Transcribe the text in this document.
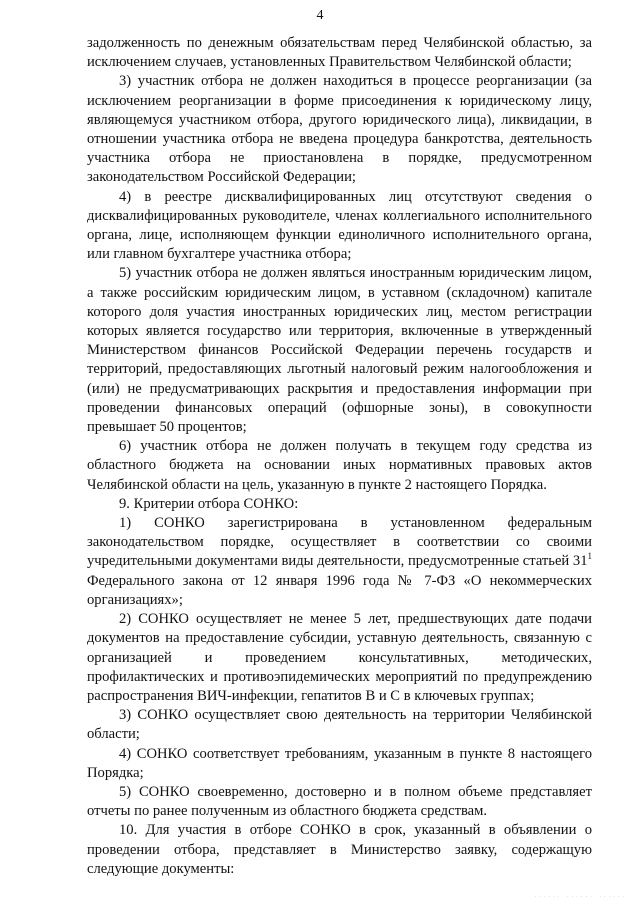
4

задолженность по денежным обязательствам перед Челябинской областью, за исключением случаев, установленных Правительством Челябинской области;

3) участник отбора не должен находиться в процессе реорганизации (за исключением реорганизации в форме присоединения к юридическому лицу, являющемуся участником отбора, другого юридического лица), ликвидации, в отношении участника отбора не введена процедура банкротства, деятельность участника отбора не приостановлена в порядке, предусмотренном законодательством Российской Федерации;

4) в реестре дисквалифицированных лиц отсутствуют сведения о дисквалифицированных руководителе, членах коллегиального исполнительного органа, лице, исполняющем функции единоличного исполнительного органа, или главном бухгалтере участника отбора;

5) участник отбора не должен являться иностранным юридическим лицом, а также российским юридическим лицом, в уставном (складочном) капитале которого доля участия иностранных юридических лиц, местом регистрации которых является государство или территория, включенные в утвержденный Министерством финансов Российской Федерации перечень государств и территорий, предоставляющих льготный налоговый режим налогообложения и (или) не предусматривающих раскрытия и предоставления информации при проведении финансовых операций (офшорные зоны), в совокупности превышает 50 процентов;

6) участник отбора не должен получать в текущем году средства из областного бюджета на основании иных нормативных правовых актов Челябинской области на цель, указанную в пункте 2 настоящего Порядка.

9. Критерии отбора СОНКО:

1) СОНКО зарегистрирована в установленном федеральным законодательством порядке, осуществляет в соответствии со своими учредительными документами виды деятельности, предусмотренные статьей $31^1$ Федерального закона от 12 января 1996 года № 7-ФЗ «О некоммерческих организациях»;

2) СОНКО осуществляет не менее 5 лет, предшествующих дате подачи документов на предоставление субсидии, уставную деятельность, связанную с организацией и проведением консультативных, методических, профилактических и противоэпидемических мероприятий по предупреждению распространения ВИЧ-инфекции, гепатитов В и С в ключевых группах;

3) СОНКО осуществляет свою деятельность на территории Челябинской области;

4) СОНКО соответствует требованиям, указанным в пункте 8 настоящего Порядка;

5) СОНКО своевременно, достоверно и в полном объеме представляет отчеты по ранее полученным из областного бюджета средствам.

10. Для участия в отборе СОНКО в срок, указанный в объявлении о проведении отбора, представляет в Министерство заявку, содержащую следующие документы:

...... ...... ......
